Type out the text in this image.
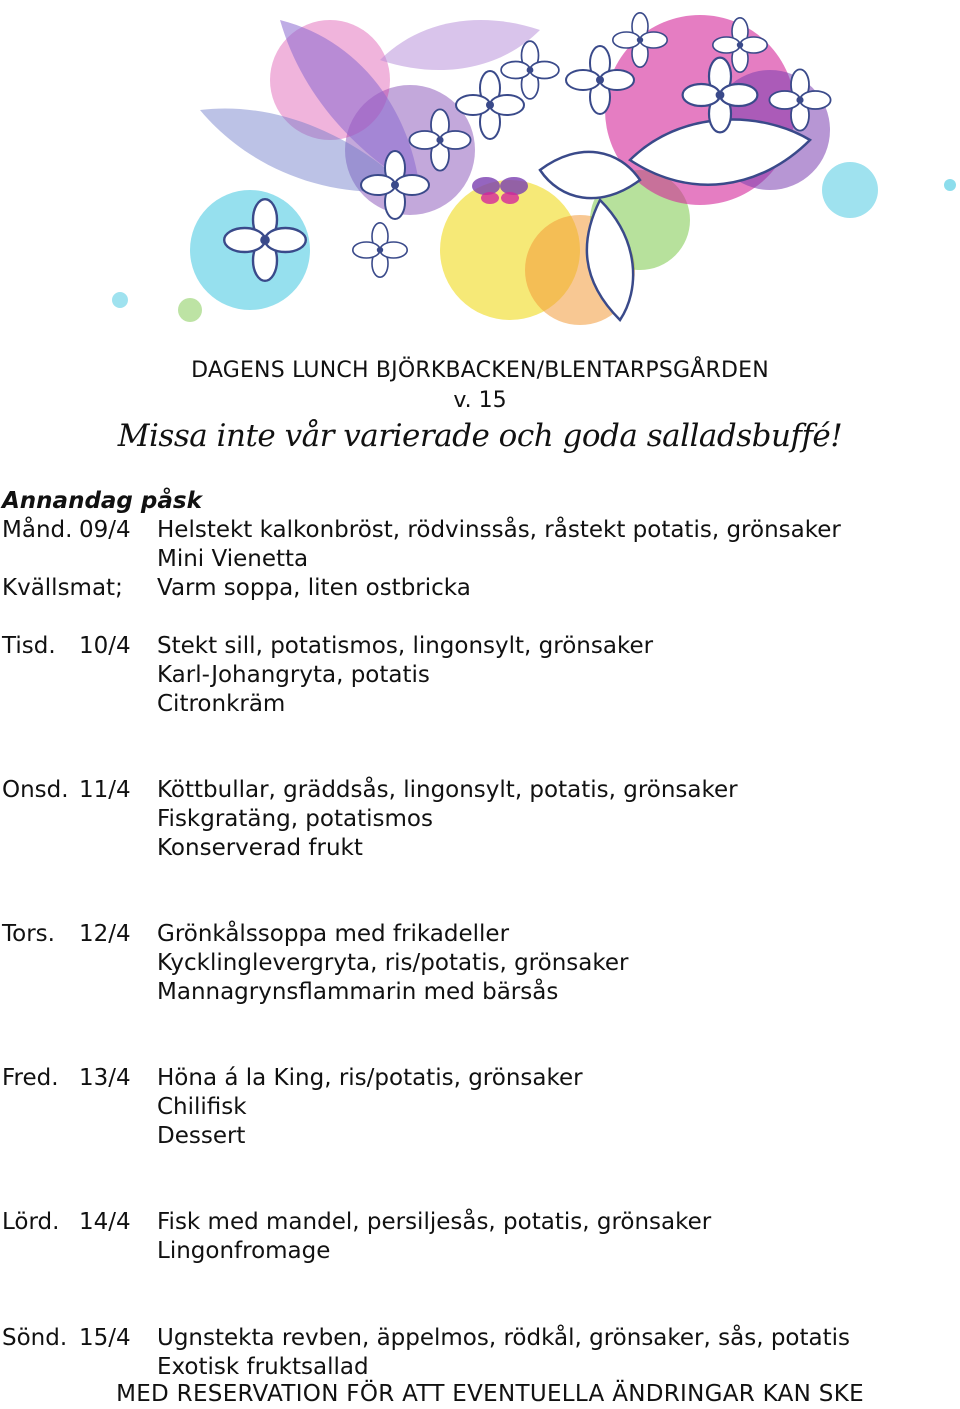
DAGENS LUNCH BJÖRKBACKEN/BLENTARPSGÅRDEN
v. 15
Missa inte vår varierade och goda salladsbuffé!
Annandag påsk
Månd. 09/4 Helstekt kalkonbröst, rödvinssås, råstekt potatis, grönsaker
Mini Vienetta
Kvällsmat; Varm soppa, liten ostbricka
Tisd. 10/4 Stekt sill, potatismos, lingonsylt, grönsaker
Karl-Johangryta, potatis
Citronkräm
Onsd. 11/4 Köttbullar, gräddsås, lingonsylt, potatis, grönsaker
Fiskgratäng, potatismos
Konserverad frukt
Tors. 12/4 Grönkålssoppa med frikadeller
Kycklinglevergryta, ris/potatis, grönsaker
Mannagrynsflammarin med bärsås
Fred. 13/4 Höna á la King, ris/potatis, grönsaker
Chilifisk
Dessert
Lörd. 14/4 Fisk med mandel, persiljesås, potatis, grönsaker
Lingonfromage
Sönd. 15/4 Ugnstekta revben, äppelmos, rödkål, grönsaker, sås, potatis
Exotisk fruktsallad
MED RESERVATION FÖR ATT EVENTUELLA ÄNDRINGAR KAN SKE
